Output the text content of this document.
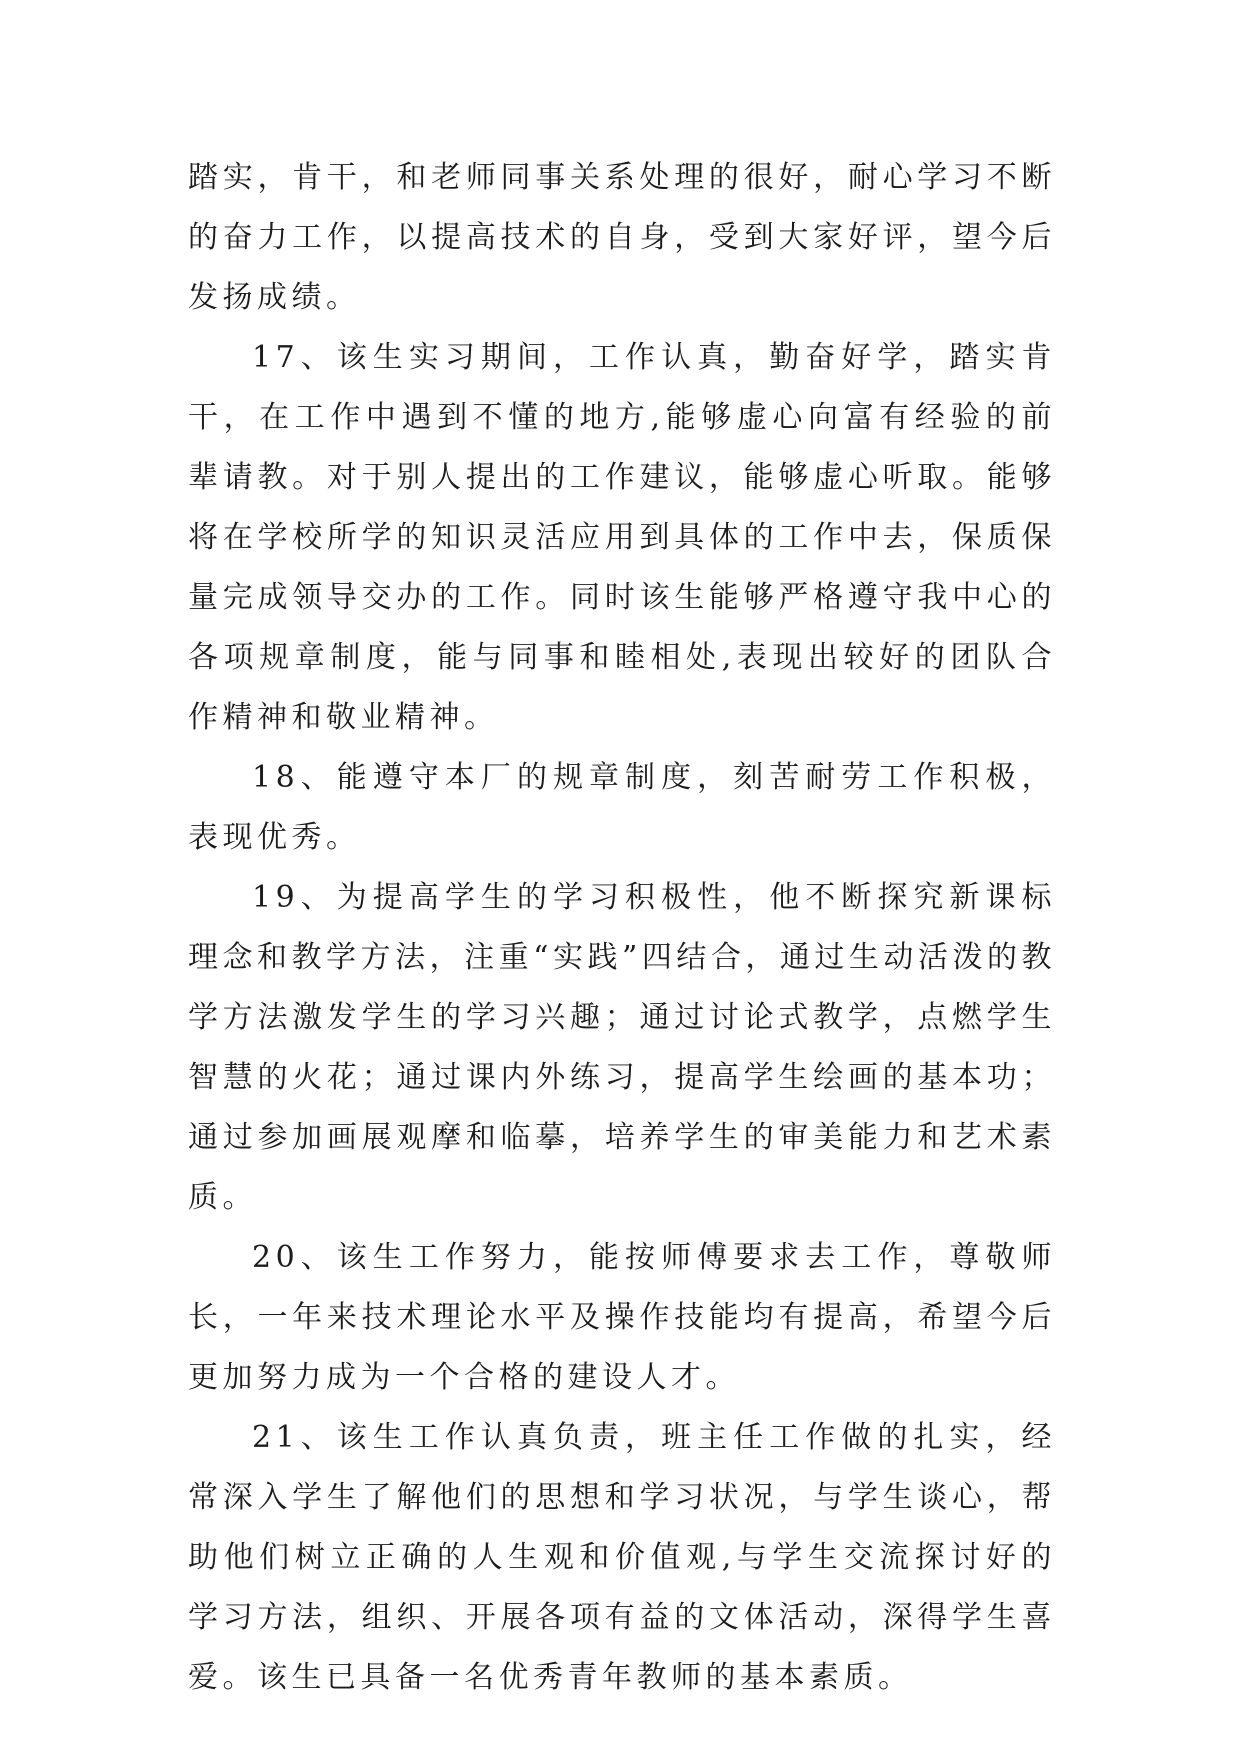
踏实，肯干，和老师同事关系处理的很好，耐心学习不断的奋力工作，以提高技术的自身，受到大家好评，望今后发扬成绩。

17、该生实习期间，工作认真，勤奋好学，踏实肯干，在工作中遇到不懂的地方,能够虚心向富有经验的前辈请教。对于别人提出的工作建议，能够虚心听取。能够将在学校所学的知识灵活应用到具体的工作中去，保质保量完成领导交办的工作。同时该生能够严格遵守我中心的各项规章制度，能与同事和睦相处,表现出较好的团队合作精神和敬业精神。

18、能遵守本厂的规章制度，刻苦耐劳工作积极，表现优秀。

19、为提高学生的学习积极性，他不断探究新课标理念和教学方法，注重“实践”四结合，通过生动活泼的教学方法激发学生的学习兴趣；通过讨论式教学，点燃学生智慧的火花；通过课内外练习，提高学生绘画的基本功；通过参加画展观摩和临摹，培养学生的审美能力和艺术素质。

20、该生工作努力，能按师傅要求去工作，尊敬师长，一年来技术理论水平及操作技能均有提高，希望今后更加努力成为一个合格的建设人才。

21、该生工作认真负责，班主任工作做的扎实，经常深入学生了解他们的思想和学习状况，与学生谈心，帮助他们树立正确的人生观和价值观,与学生交流探讨好的学习方法，组织、开展各项有益的文体活动，深得学生喜爱。该生已具备一名优秀青年教师的基本素质。
